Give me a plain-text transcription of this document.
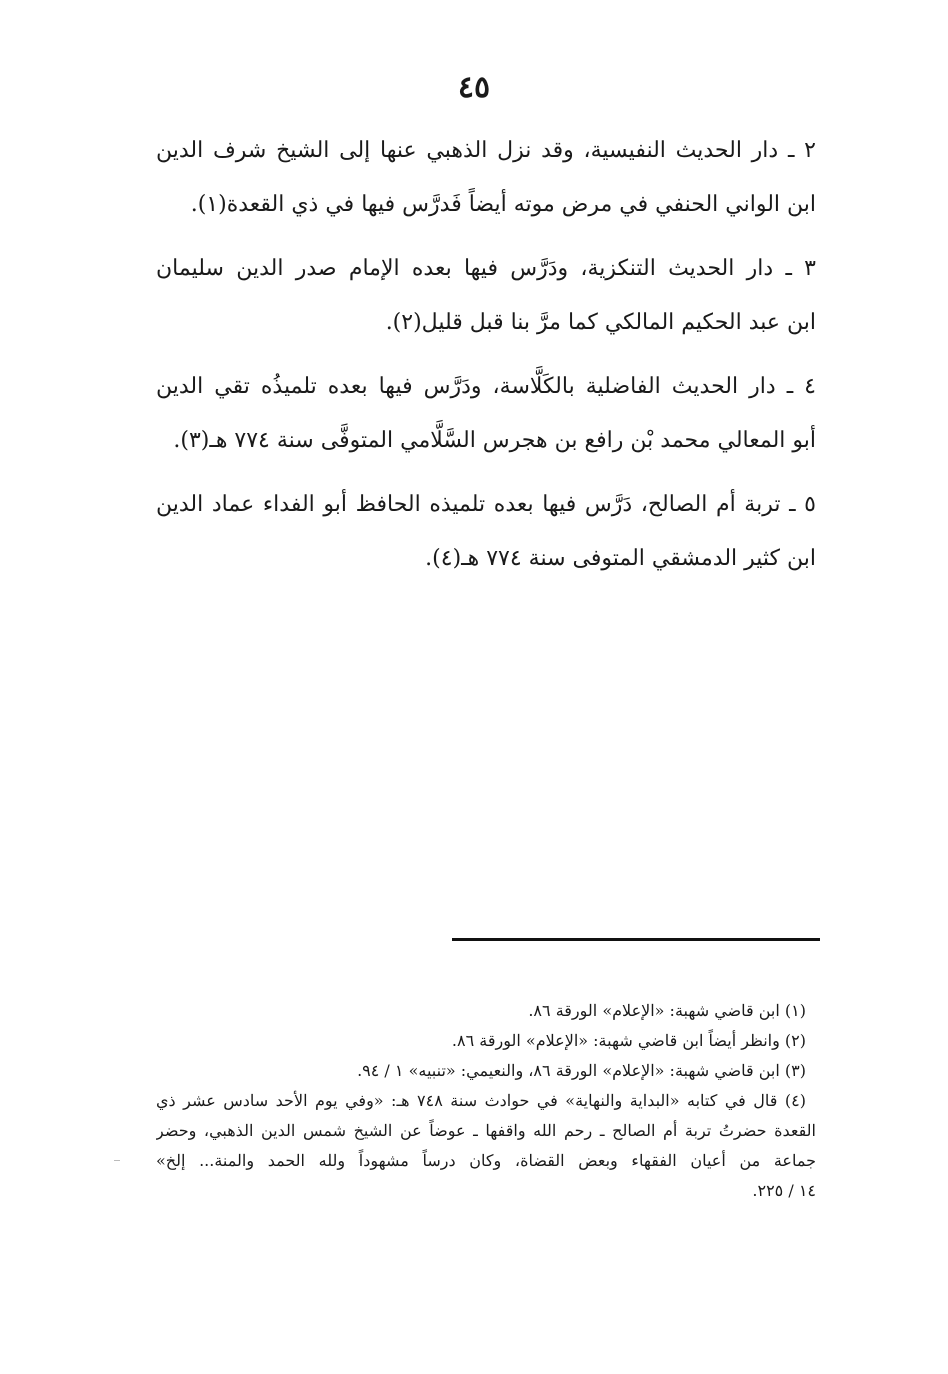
٤٥

٢ ـ دار الحديث النفيسية، وقد نزل الذهبي عنها إلى الشيخ شرف الدين
ابن الواني الحنفي في مرض موته أيضاً فَدرَّس فيها في ذي القعدة(١).

٣ ـ دار الحديث التنكزية، ودَرَّس فيها بعده الإمام صدر الدين سليمان
ابن عبد الحكيم المالكي كما مرَّ بنا قبل قليل(٢).

٤ ـ دار الحديث الفاضلية بالكَلَّاسة، ودَرَّس فيها بعده تلميذُه تقي الدين
أبو المعالي محمد بْن رافع بن هجرس السَّلَّامي المتوفَّى سنة ٧٧٤ هـ(٣).

٥ ـ تربة أم الصالح، دَرَّس فيها بعده تلميذه الحافظ أبو الفداء عماد الدين
ابن كثير الدمشقي المتوفى سنة ٧٧٤ هـ(٤).

(١) ابن قاضي شهبة: «الإعلام» الورقة ٨٦.

(٢) وانظر أيضاً ابن قاضي شهبة: «الإعلام» الورقة ٨٦.

(٣) ابن قاضي شهبة: «الإعلام» الورقة ٨٦، والنعيمي: «تنبيه» ١ / ٩٤.

(٤) قال في كتابه «البداية والنهاية» في حوادث سنة ٧٤٨ هـ: «وفي يوم الأحد سادس عشر ذي
القعدة حضرتُ تربة أم الصالح ـ رحم الله واقفها ـ عوضاً عن الشيخ شمس الدين الذهبي، وحضر
جماعة من أعيان الفقهاء وبعض القضاة، وكان درساً مشهوداً ولله الحمد والمنة... إلخ»
١٤ / ٢٢٥.
